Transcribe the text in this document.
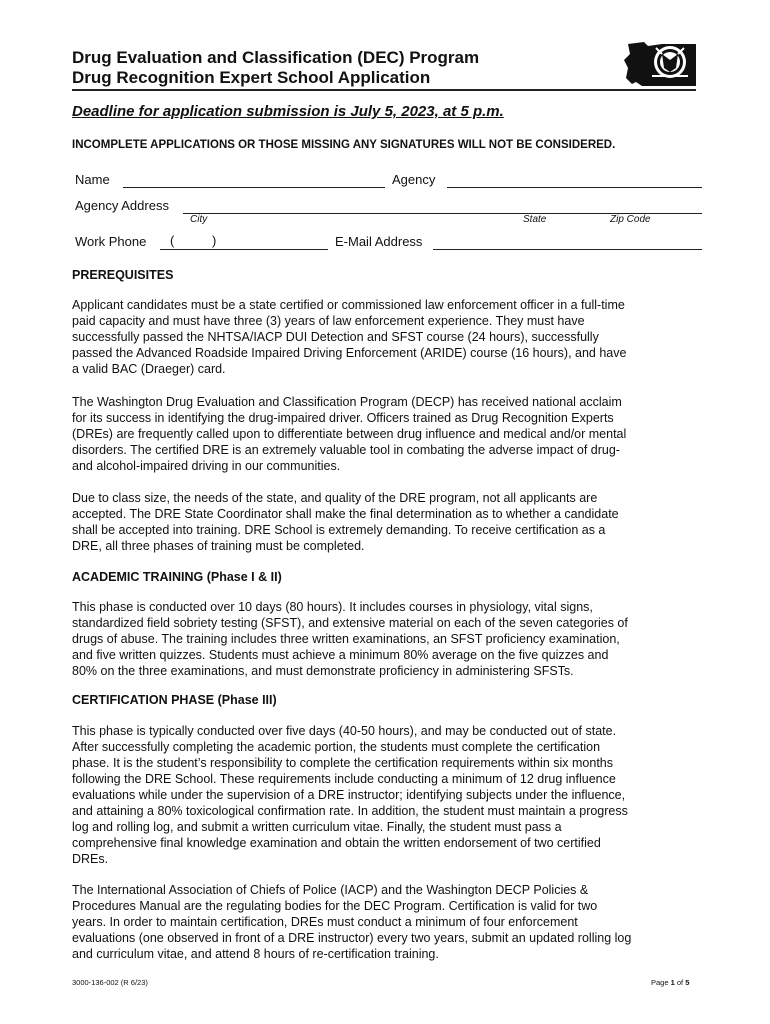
Drug Evaluation and Classification (DEC) Program
Drug Recognition Expert School Application
Deadline for application submission is July 5, 2023, at 5 p.m.
INCOMPLETE APPLICATIONS OR THOSE MISSING ANY SIGNATURES WILL NOT BE CONSIDERED.
Name	Agency
Agency Address
City	State	Zip Code
Work Phone (	)	E-Mail Address
PREREQUISITES
Applicant candidates must be a state certified or commissioned law enforcement officer in a full-time
paid capacity and must have three (3) years of law enforcement experience. They must have
successfully passed the NHTSA/IACP DUI Detection and SFST course (24 hours), successfully
passed the Advanced Roadside Impaired Driving Enforcement (ARIDE) course (16 hours), and have
a valid BAC (Draeger) card.
The Washington Drug Evaluation and Classification Program (DECP) has received national acclaim
for its success in identifying the drug-impaired driver. Officers trained as Drug Recognition Experts
(DREs) are frequently called upon to differentiate between drug influence and medical and/or mental
disorders. The certified DRE is an extremely valuable tool in combating the adverse impact of drug-
and alcohol-impaired driving in our communities.
Due to class size, the needs of the state, and quality of the DRE program, not all applicants are
accepted. The DRE State Coordinator shall make the final determination as to whether a candidate
shall be accepted into training. DRE School is extremely demanding. To receive certification as a
DRE, all three phases of training must be completed.
ACADEMIC TRAINING (Phase I & II)
This phase is conducted over 10 days (80 hours). It includes courses in physiology, vital signs,
standardized field sobriety testing (SFST), and extensive material on each of the seven categories of
drugs of abuse. The training includes three written examinations, an SFST proficiency examination,
and five written quizzes. Students must achieve a minimum 80% average on the five quizzes and
80% on the three examinations, and must demonstrate proficiency in administering SFSTs.
CERTIFICATION PHASE (Phase III)
This phase is typically conducted over five days (40-50 hours), and may be conducted out of state.
After successfully completing the academic portion, the students must complete the certification
phase. It is the student’s responsibility to complete the certification requirements within six months
following the DRE School. These requirements include conducting a minimum of 12 drug influence
evaluations while under the supervision of a DRE instructor; identifying subjects under the influence,
and attaining a 80% toxicological confirmation rate. In addition, the student must maintain a progress
log and rolling log, and submit a written curriculum vitae. Finally, the student must pass a
comprehensive final knowledge examination and obtain the written endorsement of two certified
DREs.
The International Association of Chiefs of Police (IACP) and the Washington DECP Policies &
Procedures Manual are the regulating bodies for the DEC Program. Certification is valid for two
years. In order to maintain certification, DREs must conduct a minimum of four enforcement
evaluations (one observed in front of a DRE instructor) every two years, submit an updated rolling log
and curriculum vitae, and attend 8 hours of re-certification training.
3000-136-002 (R 6/23)	Page 1 of 5
